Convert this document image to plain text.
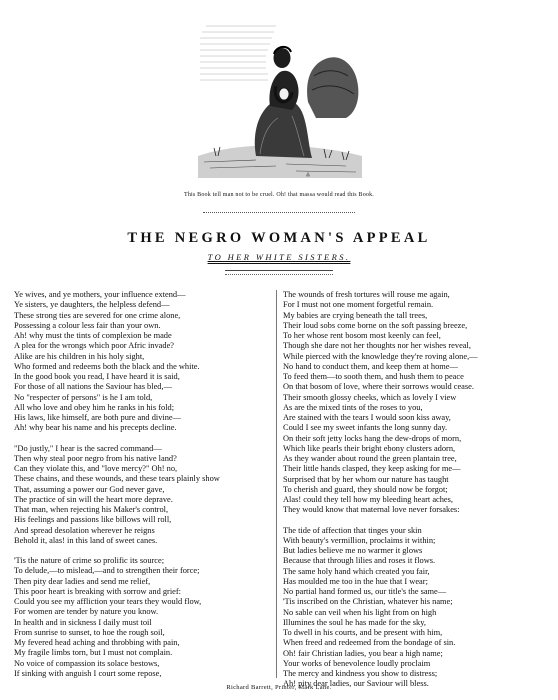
⁂
This Book tell man not to be cruel. Oh! that massa would read this Book.
THE NEGRO WOMAN'S APPEAL
TO HER WHITE SISTERS.
Ye wives, and ye mothers, your influence extend—
Ye sisters, ye daughters, the helpless defend—
These strong ties are severed for one crime alone,
Possessing a colour less fair than your own.
Ah! why must the tints of complexion be made
A plea for the wrongs which poor Afric invade?
Alike are his children in his holy sight,
Who formed and redeems both the black and the white.
In the good book you read, I have heard it is said,
For those of all nations the Saviour has bled,—
No "respecter of persons" is he I am told,
All who love and obey him he ranks in his fold;
His laws, like himself, are both pure and divine—
Ah! why bear his name and his precepts decline.
"Do justly," I hear is the sacred command—
Then why steal poor negro from his native land?
Can they violate this, and "love mercy?" Oh! no,
These chains, and these wounds, and these tears plainly show
That, assuming a power our God never gave,
The practice of sin will the heart more deprave.
That man, when rejecting his Maker's control,
His feelings and passions like billows will roll,
And spread desolation wherever he reigns
Behold it, alas! in this land of sweet canes.
'Tis the nature of crime so prolific its source;
To delude,—to mislead,—and to strengthen their force;
Then pity dear ladies and send me relief,
This poor heart is breaking with sorrow and grief:
Could you see my affliction your tears they would flow,
For women are tender by nature you know.
In health and in sickness I daily must toil
From sunrise to sunset, to hoe the rough soil,
My fevered head aching and throbbing with pain,
My fragile limbs torn, but I must not complain.
No voice of compassion its solace bestows,
If sinking with anguish I court some repose,
The wounds of fresh tortures will rouse me again,
For I must not one moment forgetful remain.
My babies are crying beneath the tall trees,
Their loud sobs come borne on the soft passing breeze,
To her whose rent bosom most keenly can feel,
Though she dare not her thoughts nor her wishes reveal,
While pierced with the knowledge they're roving alone,—
No hand to conduct them, and keep them at home—
To feed them—to sooth them, and hush them to peace
On that bosom of love, where their sorrows would cease.
Their smooth glossy cheeks, which as lovely I view
As are the mixed tints of the roses to you,
Are stained with the tears I would soon kiss away,
Could I see my sweet infants the long sunny day.
On their soft jetty locks hang the dew-drops of morn,
Which like pearls their bright ebony clusters adorn,
As they wander about round the green plantain tree,
Their little hands clasped, they keep asking for me—
Surprised that by her whom our nature has taught
To cherish and guard, they should now be forgot;
Alas! could they tell how my bleeding heart aches,
They would know that maternal love never forsakes:
The tide of affection that tinges your skin
With beauty's vermillion, proclaims it within;
But ladies believe me no warmer it glows
Because that through lilies and roses it flows.
The same holy hand which created you fair,
Has moulded me too in the hue that I wear;
No partial hand formed us, our title's the same—
'Tis inscribed on the Christian, whatever his name;
No sable can veil when his light from on high
Illumines the soul he has made for the sky,
To dwell in his courts, and be present with him,
When freed and redeemed from the bondage of sin.
Oh! fair Christian ladies, you bear a high name;
Your works of benevolence loudly proclaim
The mercy and kindness you show to distress;
Ah! pity dear ladies, our Saviour will bless.
Richard Barrett, Printer, Mark Lane.
